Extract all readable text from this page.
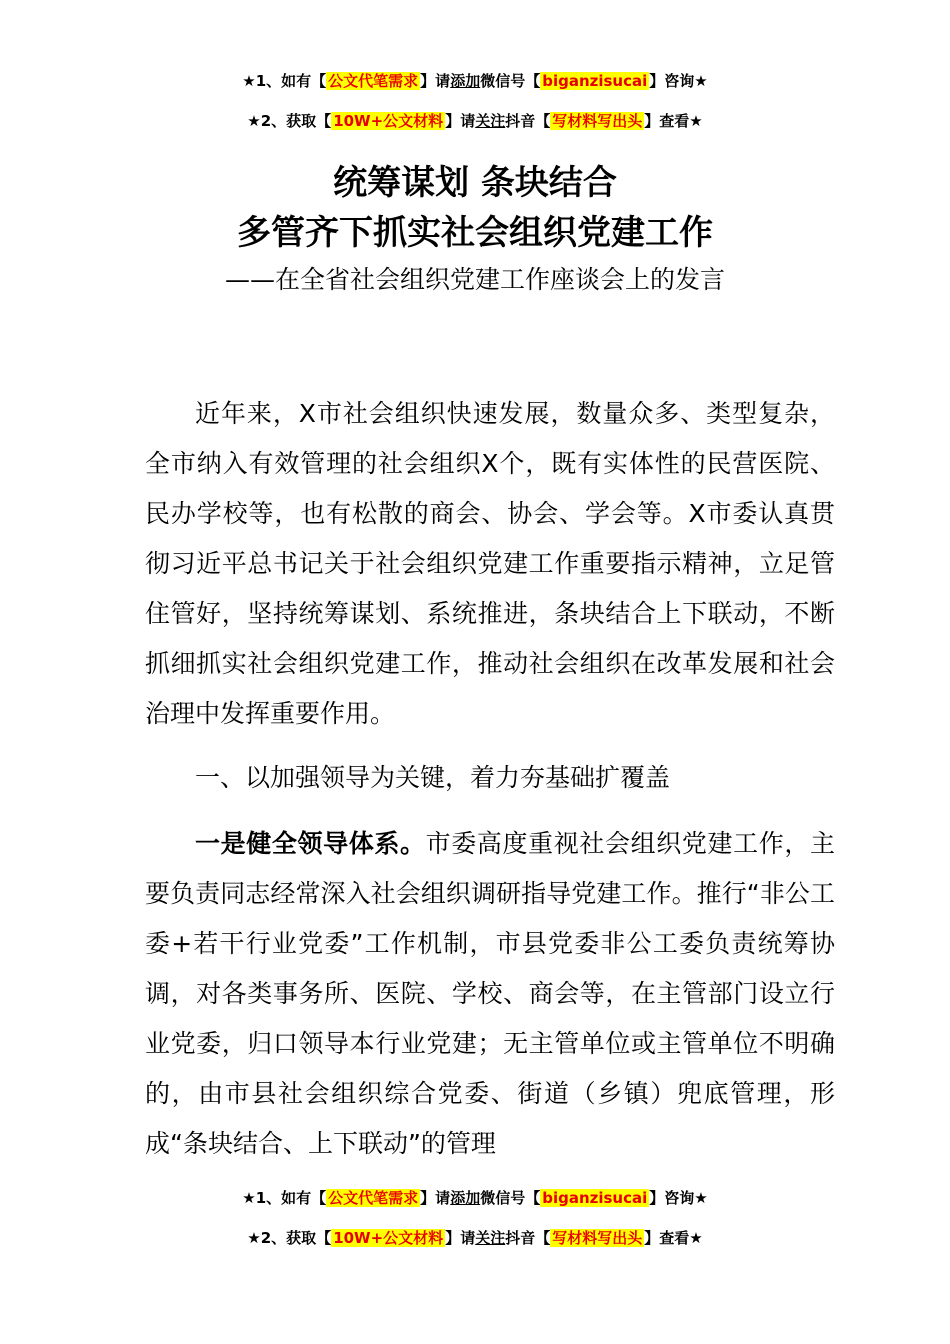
★1、如有【 公文代笔需求 】请添加微信号【 biganzisucai 】咨询★
★2、获取【 10W+公文材料 】请关注抖音【 写材料写出头 】查看★
统筹谋划 条块结合
多管齐下抓实社会组织党建工作
——在全省社会组织党建工作座谈会上的发言

近年来，X市社会组织快速发展，数量众多、类型复杂，全市纳入有效管理的社会组织X个，既有实体性的民营医院、民办学校等，也有松散的商会、协会、学会等。X市委认真贯彻习近平总书记关于社会组织党建工作重要指示精神，立足管住管好，坚持统筹谋划、系统推进，条块结合上下联动，不断抓细抓实社会组织党建工作，推动社会组织在改革发展和社会治理中发挥重要作用。

一、以加强领导为关键，着力夯基础扩覆盖

一是健全领导体系。市委高度重视社会组织党建工作，主要负责同志经常深入社会组织调研指导党建工作。推行“非公工委+若干行业党委”工作机制，市县党委非公工委负责统筹协调，对各类事务所、医院、学校、商会等，在主管部门设立行业党委，归口领导本行业党建；无主管单位或主管单位不明确的，由市县社会组织综合党委、街道（乡镇）兜底管理，形成“条块结合、上下联动”的管理

★1、如有【 公文代笔需求 】请添加微信号【 biganzisucai 】咨询★
★2、获取【 10W+公文材料 】请关注抖音【 写材料写出头 】查看★
